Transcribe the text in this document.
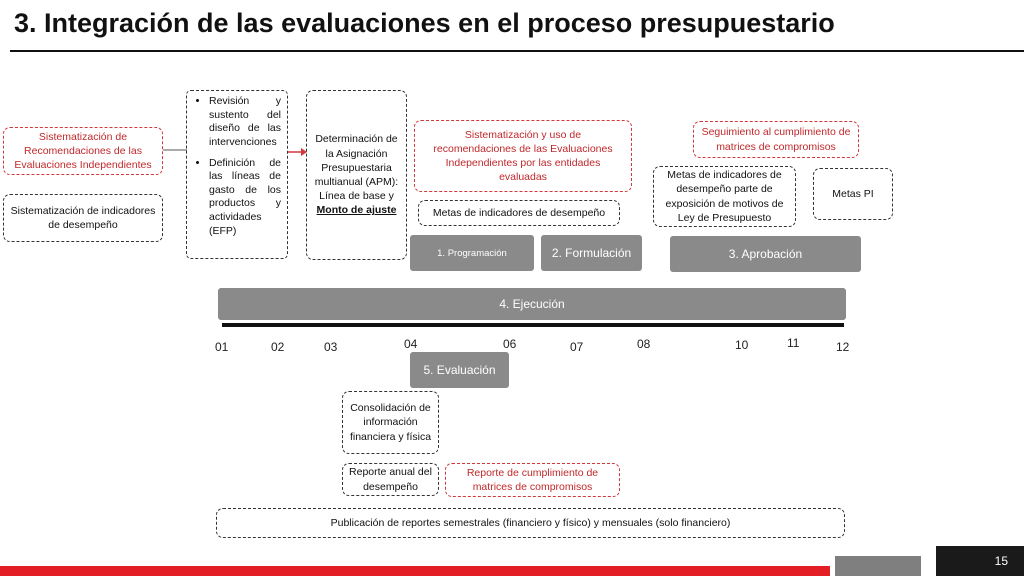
3. Integración de las evaluaciones en el proceso presupuestario
Sistematización de Recomendaciones de las Evaluaciones Independientes
Sistematización de indicadores de desempeño
• Revisión y sustento del diseño de las intervenciones
• Definición de las líneas de gasto de los productos y actividades (EFP)
Determinación de la Asignación Presupuestaria multianual (APM): Línea de base y Monto de ajuste
Sistematización y uso de recomendaciones de las Evaluaciones Independientes por las entidades evaluadas
Metas de indicadores de desempeño
Seguimiento al cumplimiento de matrices de compromisos
Metas de indicadores de desempeño parte de exposición de motivos de Ley de Presupuesto
Metas PI
1. Programación	2. Formulación	3. Aprobación
4. Ejecución
01	02	03	04	06	07	08	10	11	12
5. Evaluación
Consolidación de información financiera y física
Reporte anual del desempeño
Reporte de cumplimiento de matrices de compromisos
Publicación de reportes semestrales (financiero y físico) y mensuales (solo financiero)
15
